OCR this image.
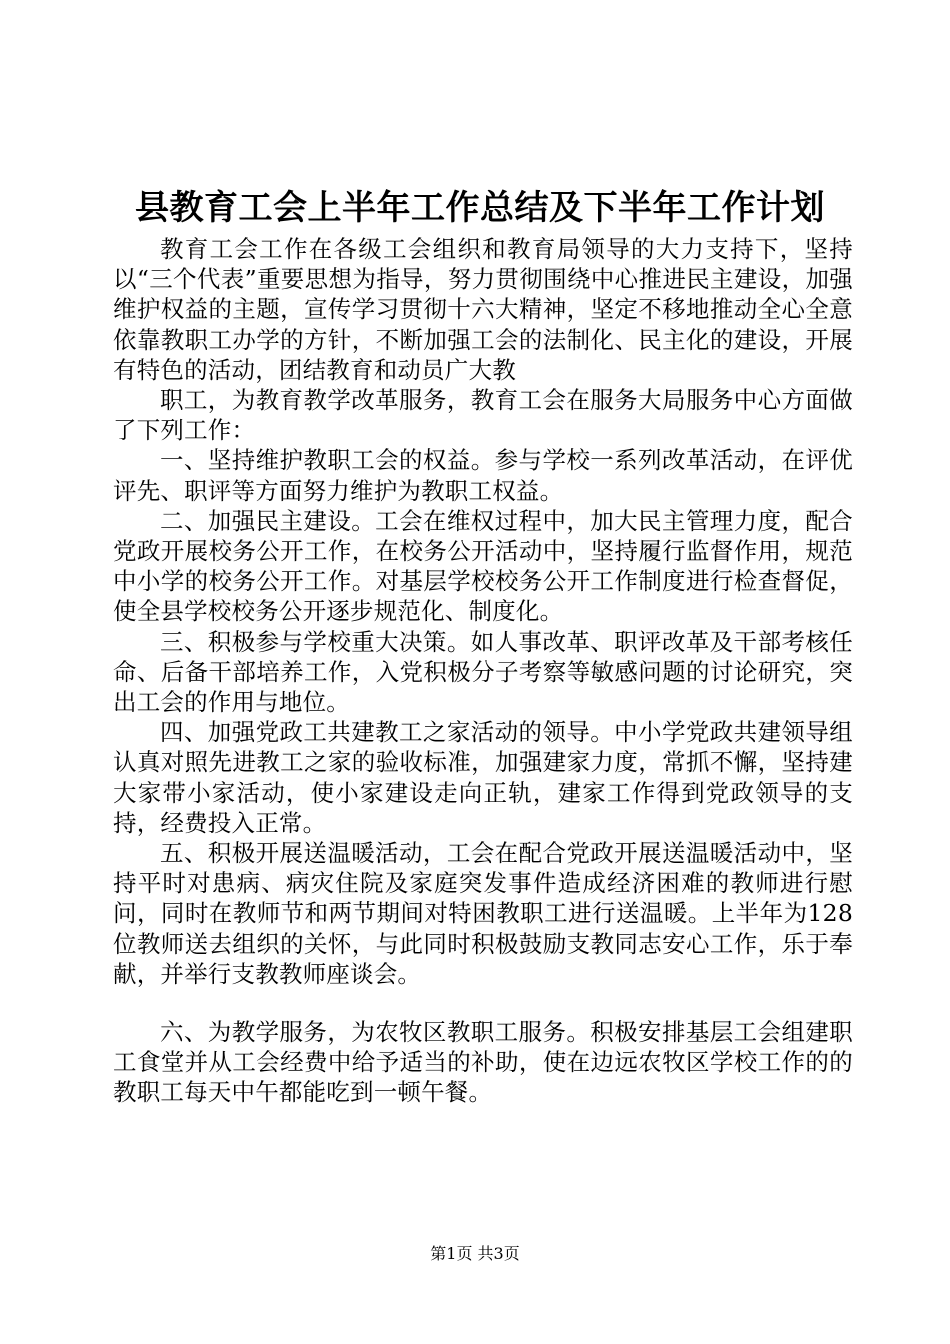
县教育工会上半年工作总结及下半年工作计划

教育工会工作在各级工会组织和教育局领导的大力支持下，坚持以“三个代表”重要思想为指导，努力贯彻围绕中心推进民主建设，加强维护权益的主题，宣传学习贯彻十六大精神，坚定不移地推动全心全意依靠教职工办学的方针，不断加强工会的法制化、民主化的建设，开展有特色的活动，团结教育和动员广大教

职工，为教育教学改革服务，教育工会在服务大局服务中心方面做了下列工作：

一、坚持维护教职工会的权益。参与学校一系列改革活动，在评优评先、职评等方面努力维护为教职工权益。

二、加强民主建设。工会在维权过程中，加大民主管理力度，配合党政开展校务公开工作，在校务公开活动中，坚持履行监督作用，规范中小学的校务公开工作。对基层学校校务公开工作制度进行检查督促，使全县学校校务公开逐步规范化、制度化。

三、积极参与学校重大决策。如人事改革、职评改革及干部考核任命、后备干部培养工作，入党积极分子考察等敏感问题的讨论研究，突出工会的作用与地位。

四、加强党政工共建教工之家活动的领导。中小学党政共建领导组认真对照先进教工之家的验收标准，加强建家力度，常抓不懈，坚持建大家带小家活动，使小家建设走向正轨，建家工作得到党政领导的支持，经费投入正常。

五、积极开展送温暖活动，工会在配合党政开展送温暖活动中，坚持平时对患病、病灾住院及家庭突发事件造成经济困难的教师进行慰问，同时在教师节和两节期间对特困教职工进行送温暖。上半年为128位教师送去组织的关怀，与此同时积极鼓励支教同志安心工作，乐于奉献，并举行支教教师座谈会。

六、为教学服务，为农牧区教职工服务。积极安排基层工会组建职工食堂并从工会经费中给予适当的补助，使在边远农牧区学校工作的的教职工每天中午都能吃到一顿午餐。

第1页 共3页
